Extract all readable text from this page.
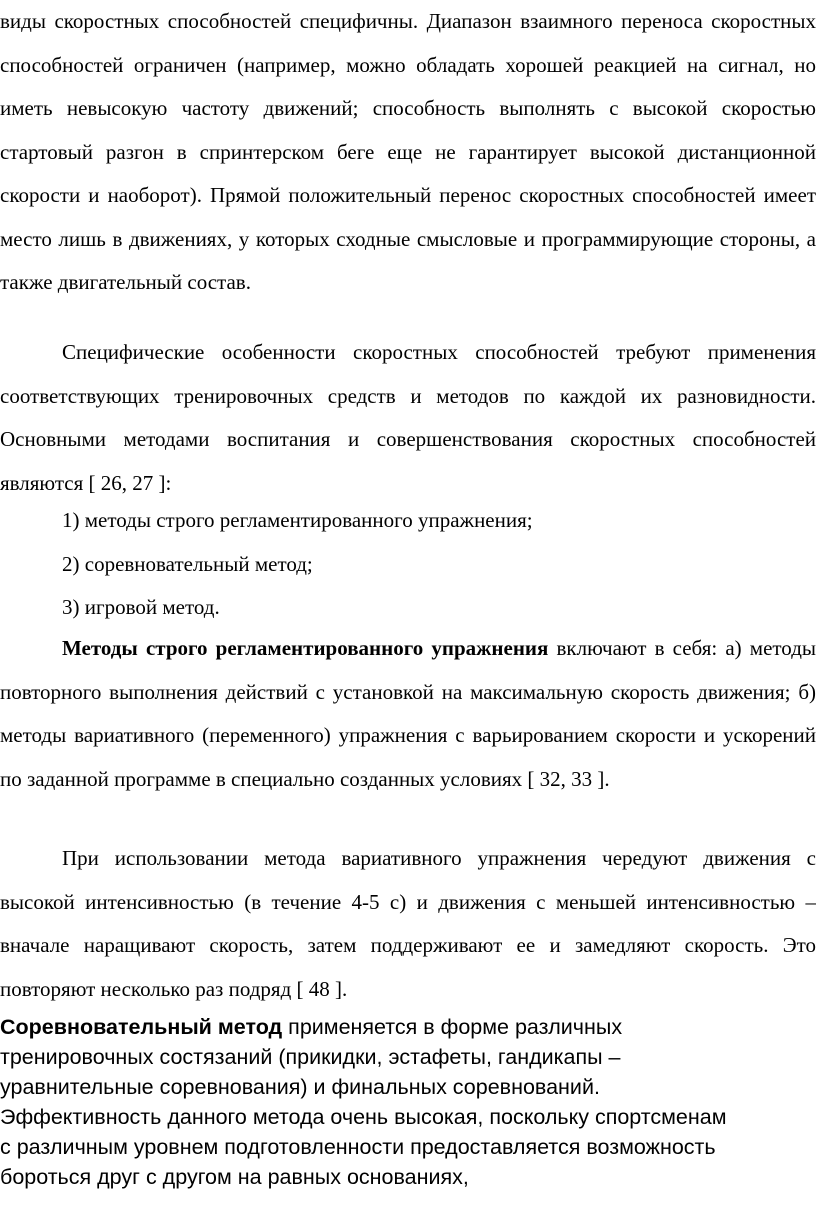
виды скоростных способностей специфичны. Диапазон взаимного переноса скоростных способностей ограничен (например, можно обладать хорошей реакцией на сигнал, но иметь невысокую частоту движений; способность выполнять с высокой скоростью стартовый разгон в спринтерском беге еще не гарантирует высокой дистанционной скорости и наоборот). Прямой положительный перенос скоростных способностей имеет место лишь в движениях, у которых сходные смысловые и программирующие стороны, а также двигательный состав.

Специфические особенности скоростных способностей требуют применения соответствующих тренировочных средств и методов по каждой их разновидности. Основными методами воспитания и совершенствования скоростных способностей являются [ 26, 27 ]:

1) методы строго регламентированного упражнения;
2) соревновательный метод;
3) игровой метод.

Методы строго регламентированного упражнения включают в себя: а) методы повторного выполнения действий с установкой на максимальную скорость движения; б) методы вариативного (переменного) упражнения с варьированием скорости и ускорений по заданной программе в специально созданных условиях [ 32, 33 ].

При использовании метода вариативного упражнения чередуют движения с высокой интенсивностью (в течение 4-5 с) и движения с меньшей интенсивностью – вначале наращивают скорость, затем поддерживают ее и замедляют скорость. Это повторяют несколько раз подряд [ 48 ].

Соревновательный метод применяется в форме различных тренировочных состязаний (прикидки, эстафеты, гандикапы – уравнительные соревнования) и финальных соревнований. Эффективность данного метода очень высокая, поскольку спортсменам с различным уровнем подготовленности предоставляется возможность бороться друг с другом на равных основаниях,
